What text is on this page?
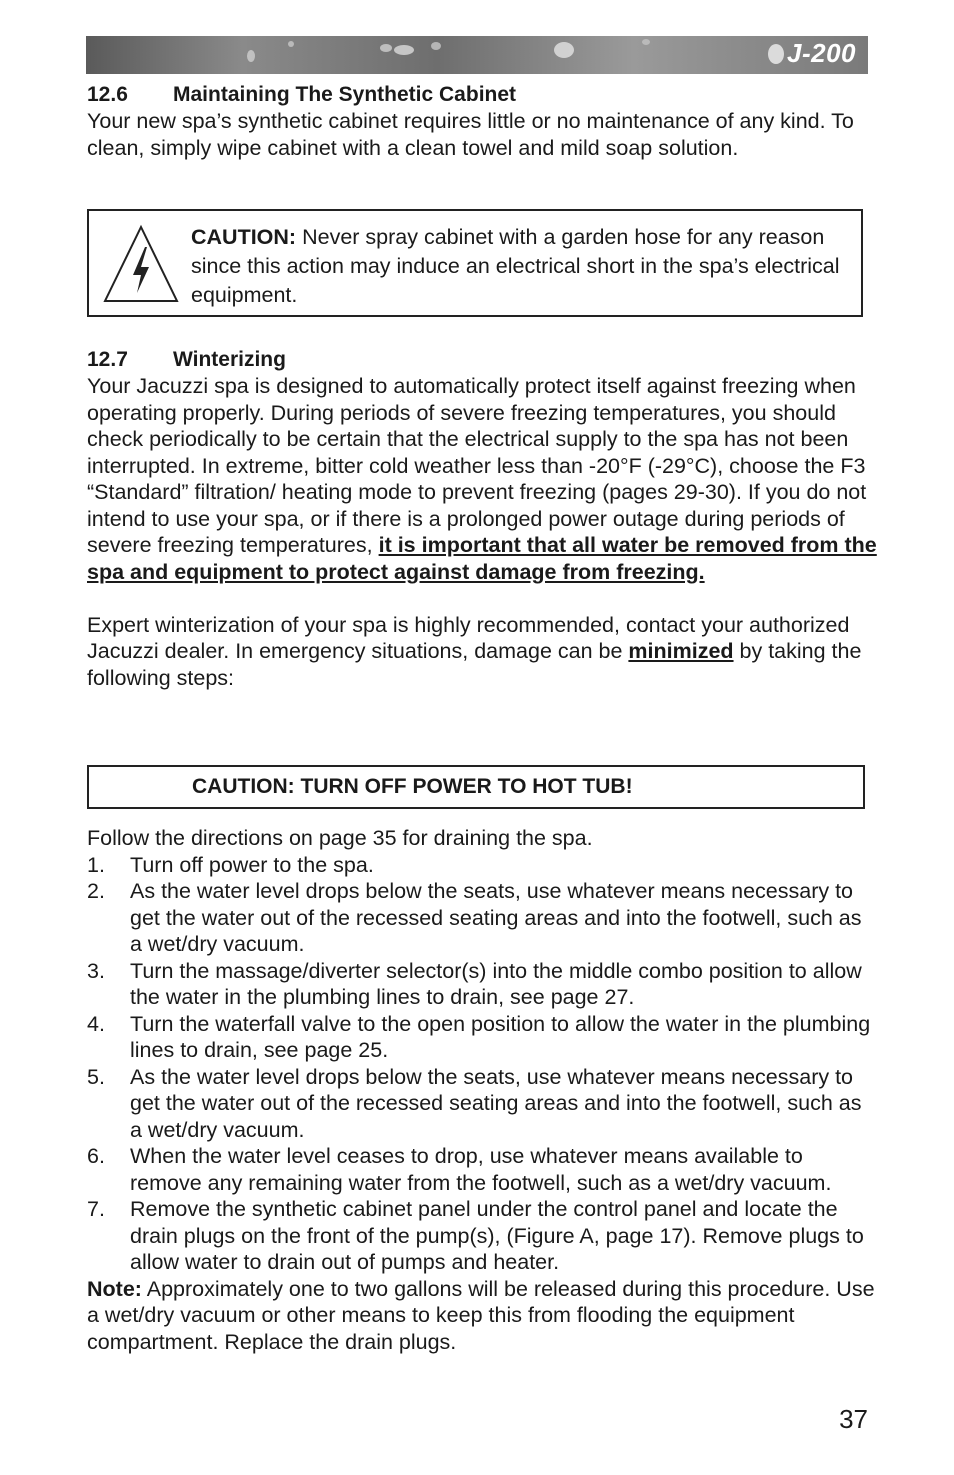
J-200
12.6	Maintaining The Synthetic Cabinet

Your new spa’s synthetic cabinet requires little or no maintenance of any kind. To clean, simply wipe cabinet with a clean towel and mild soap solution.

CAUTION: Never spray cabinet with a garden hose for any reason since this action may induce an electrical short in the spa’s electrical equipment.
12.7	Winterizing

Your Jacuzzi spa is designed to automatically protect itself against freezing when operating properly. During periods of severe freezing temperatures, you should check periodically to be certain that the electrical supply to the spa has not been interrupted. In extreme, bitter cold weather less than -20°F (-29°C), choose the F3 “Standard” filtration/ heating mode to prevent freezing (pages 29-30). If you do not intend to use your spa, or if there is a prolonged power outage during periods of severe freezing temperatures, it is important that all water be removed from the spa and equipment to protect against damage from freezing.

Expert winterization of your spa is highly recommended, contact your authorized Jacuzzi dealer. In emergency situations, damage can be minimized by taking the following steps:

CAUTION: TURN OFF POWER TO HOT TUB!

Follow the directions on page 35 for draining the spa.

1.	Turn off power to the spa.
2.	As the water level drops below the seats, use whatever means necessary to get the water out of the recessed seating areas and into the footwell, such as a wet/dry vacuum.
3.	Turn the massage/diverter selector(s) into the middle combo position to allow the water in the plumbing lines to drain, see page 27.
4.	Turn the waterfall valve to the open position to allow the water in the plumbing lines to drain, see page 25.
5.	As the water level drops below the seats, use whatever means necessary to get the water out of the recessed seating areas and into the footwell, such as a wet/dry vacuum.
6.	When the water level ceases to drop, use whatever means available to remove any remaining water from the footwell, such as a wet/dry vacuum.
7.	Remove the synthetic cabinet panel under the control panel and locate the drain plugs on the front of the pump(s), (Figure A, page 17). Remove plugs to allow water to drain out of pumps and heater.

Note: Approximately one to two gallons will be released during this procedure. Use a wet/dry vacuum or other means to keep this from flooding the equipment compartment. Replace the drain plugs.

37
